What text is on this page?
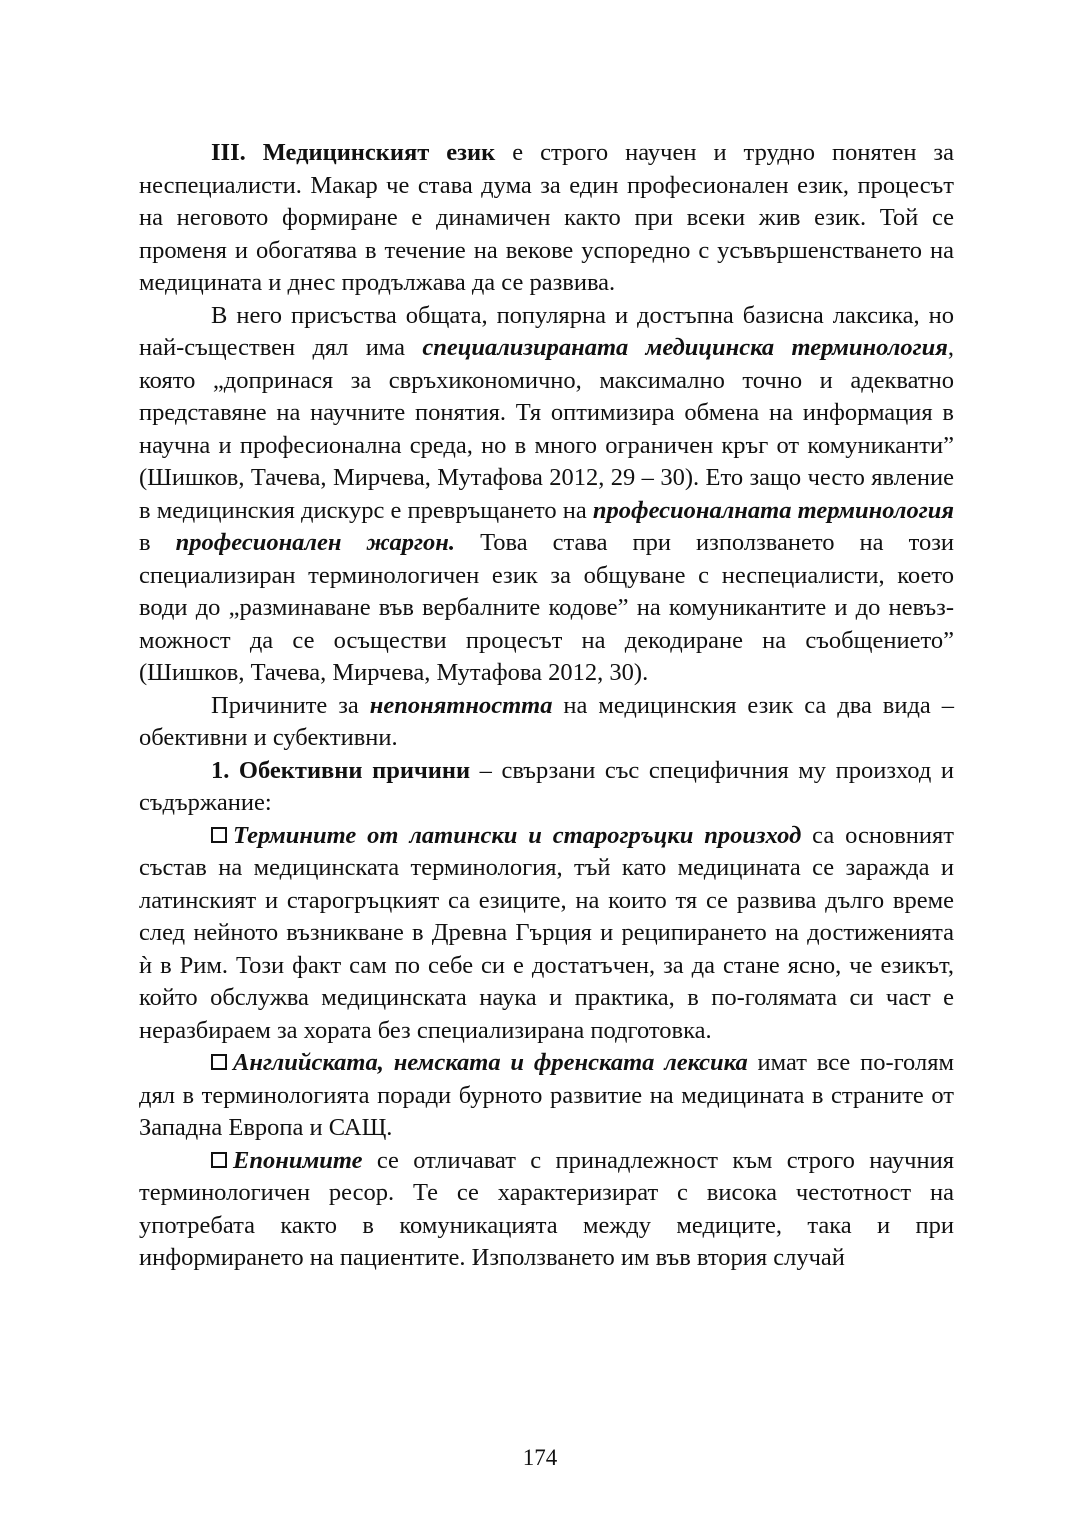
III. Медицинският език е строго научен и трудно понятен за неспециалисти. Макар че става дума за един професионален език, процесът на неговото формиране е динамичен както при всеки жив език. Той се променя и обогатява в течение на векове успоредно с усъвършенстването на медицината и днес продължава да се развива.

В него присъства общата, популярна и достъпна базисна лаксика, но най-съществен дял има специализираната медицинска терминология, която „допринася за свръхикономично, максимално точно и адекватно представяне на научните понятия. Тя оптимизира обмена на информация в научна и професионална среда, но в много ограничен кръг от комуниканти” (Шишков, Тачева, Мирчева, Мутафова 2012, 29 – 30). Ето защо често явление в медицинския дискурс е превръщането на професионалната терминология в професионален жаргон. Това става при използването на този специализиран терминологичен език за общуване с неспециалисти, което води до „разминаване във вербалните кодове” на комуникантите и до невъзможност да се осъществи процесът на декодиране на съобщението” (Шишков, Тачева, Мирчева, Мутафова 2012, 30).

Причините за непонятността на медицинския език са два вида – обективни и субективни.

1. Обективни причини – свързани със специфичния му произход и съдържание:

Термините от латински и старогръцки произход са основният състав на медицинската терминология, тъй като медицината се заражда и латинският и старогръцкият са езиците, на които тя се развива дълго време след нейното възникване в Древна Гърция и реципирането на достиженията ѝ в Рим. Този факт сам по себе си е достатъчен, за да стане ясно, че езикът, който обслужва медицинската наука и практика, в по-голямата си част е неразбираем за хората без специализирана подготовка.

Английската, немската и френската лексика имат все по-голям дял в терминологията поради бурното развитие на медицината в страните от Западна Европа и САЩ.

Епонимите се отличават с принадлежност към строго научния терминологичен ресор. Те се характеризират с висока честотност на употребата както в комуникацията между медиците, така и при информирането на пациентите. Използването им във втория случай

174
